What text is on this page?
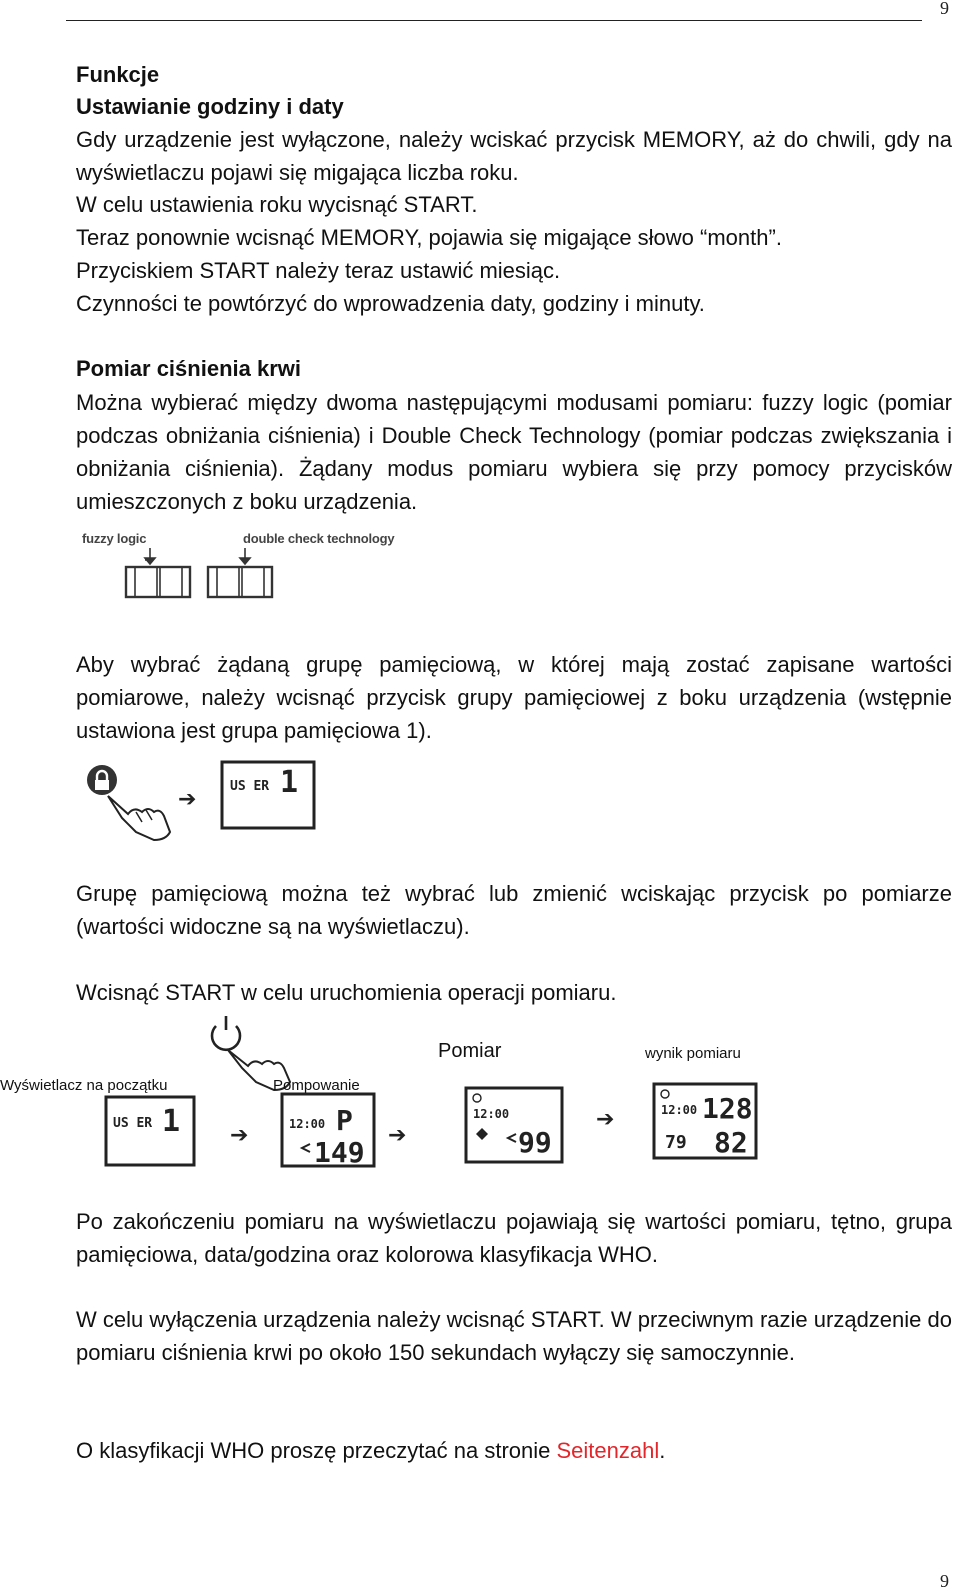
9
Funkcje
Ustawianie godziny i daty
Gdy urządzenie jest wyłączone, należy wciskać przycisk MEMORY, aż do chwili, gdy na wyświetlaczu pojawi się migająca liczba roku.
W celu ustawienia roku wycisnąć START.
Teraz ponownie wcisnąć MEMORY, pojawia się migające słowo “month”.
Przyciskiem START należy teraz ustawić miesiąc.
Czynności te powtórzyć do wprowadzenia daty, godziny i minuty.
Pomiar ciśnienia krwi
Można wybierać między dwoma następującymi modusami pomiaru: fuzzy logic (pomiar podczas obniżania ciśnienia) i Double Check Technology (pomiar podczas zwiększania i obniżania ciśnienia). Żądany modus pomiaru wybiera się przy pomocy przycisków umieszczonych z boku urządzenia.
fuzzy logic	double check technology
Aby wybrać żądaną grupę pamięciową, w której mają zostać zapisane wartości pomiarowe, należy wcisnąć przycisk grupy pamięciowej z boku urządzenia (wstępnie ustawiona jest grupa pamięciowa 1).
➔	US ER 1
Grupę pamięciową można też wybrać lub zmienić wciskając przycisk po pomiarze (wartości widoczne są na wyświetlaczu).
Wcisnąć START w celu uruchomienia operacji pomiaru.
Pomiar	wynik pomiaru
Wyświetlacz na początku	Pompowanie
US ER 1 ➔	12:00 P
149
➔
12:00
99
➔	12:00 128
79 82
Po zakończeniu pomiaru na wyświetlaczu pojawiają się wartości pomiaru, tętno, grupa pamięciowa, data/godzina oraz kolorowa klasyfikacja WHO.
W celu wyłączenia urządzenia należy wcisnąć START. W przeciwnym razie urządzenie do pomiaru ciśnienia krwi po około 150 sekundach wyłączy się samoczynnie.
O klasyfikacji WHO proszę przeczytać na stronie Seitenzahl.
9
